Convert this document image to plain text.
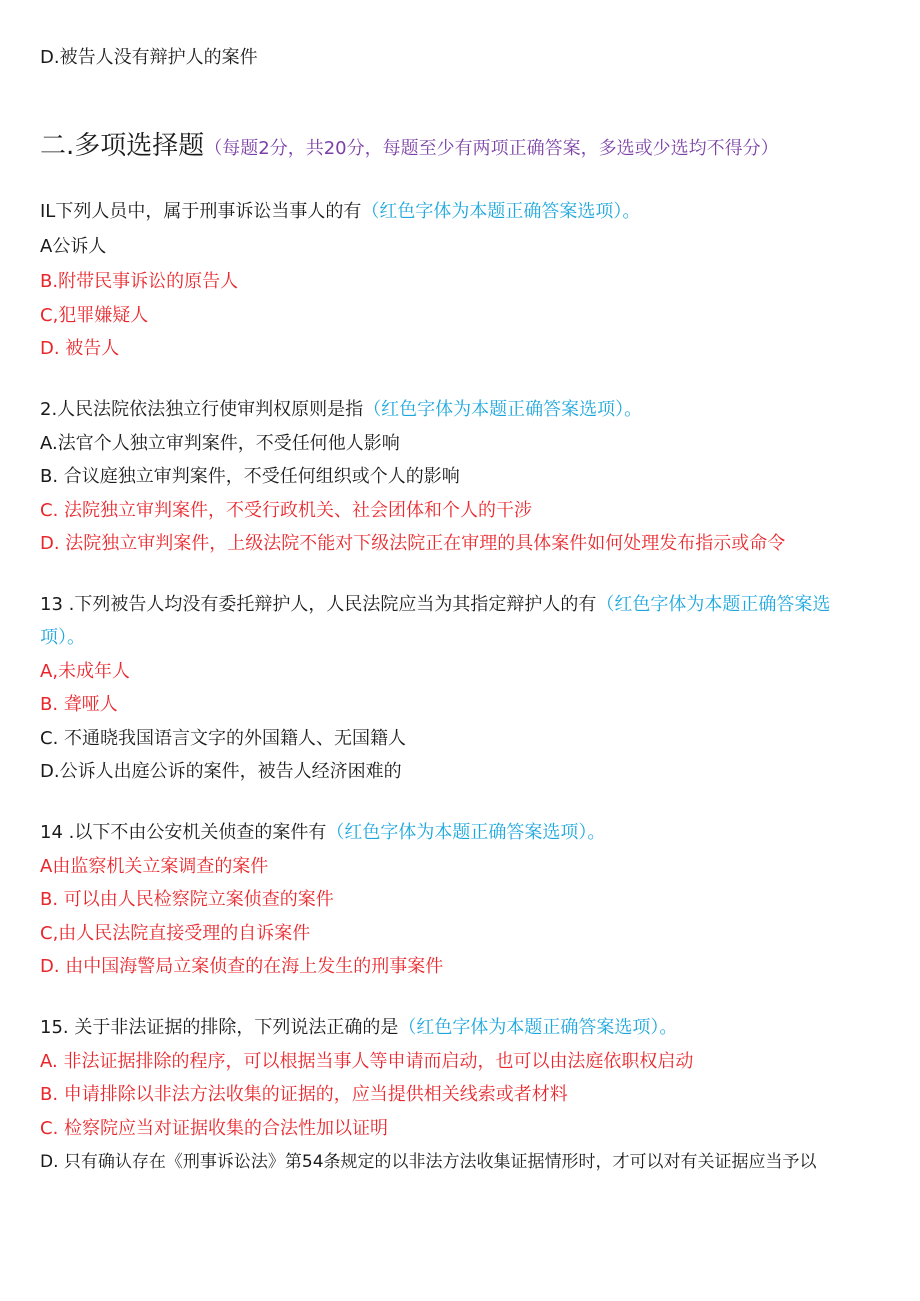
D.被告人没有辩护人的案件
二.多项选择题（每题2分，共20分，每题至少有两项正确答案，多选或少选均不得分）
IL下列人员中，属于刑事诉讼当事人的有（红色字体为本题正确答案选项）。
A公诉人
B.附带民事诉讼的原告人
C,犯罪嫌疑人
D. 被告人
2.人民法院依法独立行使审判权原则是指（红色字体为本题正确答案选项）。
A.法官个人独立审判案件，不受任何他人影响
B. 合议庭独立审判案件，不受任何组织或个人的影响
C. 法院独立审判案件，不受行政机关、社会团体和个人的干涉
D. 法院独立审判案件，上级法院不能对下级法院正在审理的具体案件如何处理发布指示或命令
13 .下列被告人均没有委托辩护人，人民法院应当为其指定辩护人的有（红色字体为本题正确答案选
项）。
A,未成年人
B. 聋哑人
C. 不通晓我国语言文字的外国籍人、无国籍人
D.公诉人出庭公诉的案件，被告人经济困难的
14 .以下不由公安机关侦查的案件有（红色字体为本题正确答案选项）。
A由监察机关立案调查的案件
B. 可以由人民检察院立案侦查的案件
C,由人民法院直接受理的自诉案件
D. 由中国海警局立案侦查的在海上发生的刑事案件
15. 关于非法证据的排除，下列说法正确的是（红色字体为本题正确答案选项）。
A. 非法证据排除的程序，可以根据当事人等申请而启动，也可以由法庭依职权启动
B. 申请排除以非法方法收集的证据的，应当提供相关线索或者材料
C. 检察院应当对证据收集的合法性加以证明
D. 只有确认存在《刑事诉讼法》第54条规定的以非法方法收集证据情形时，才可以对有关证据应当予以
